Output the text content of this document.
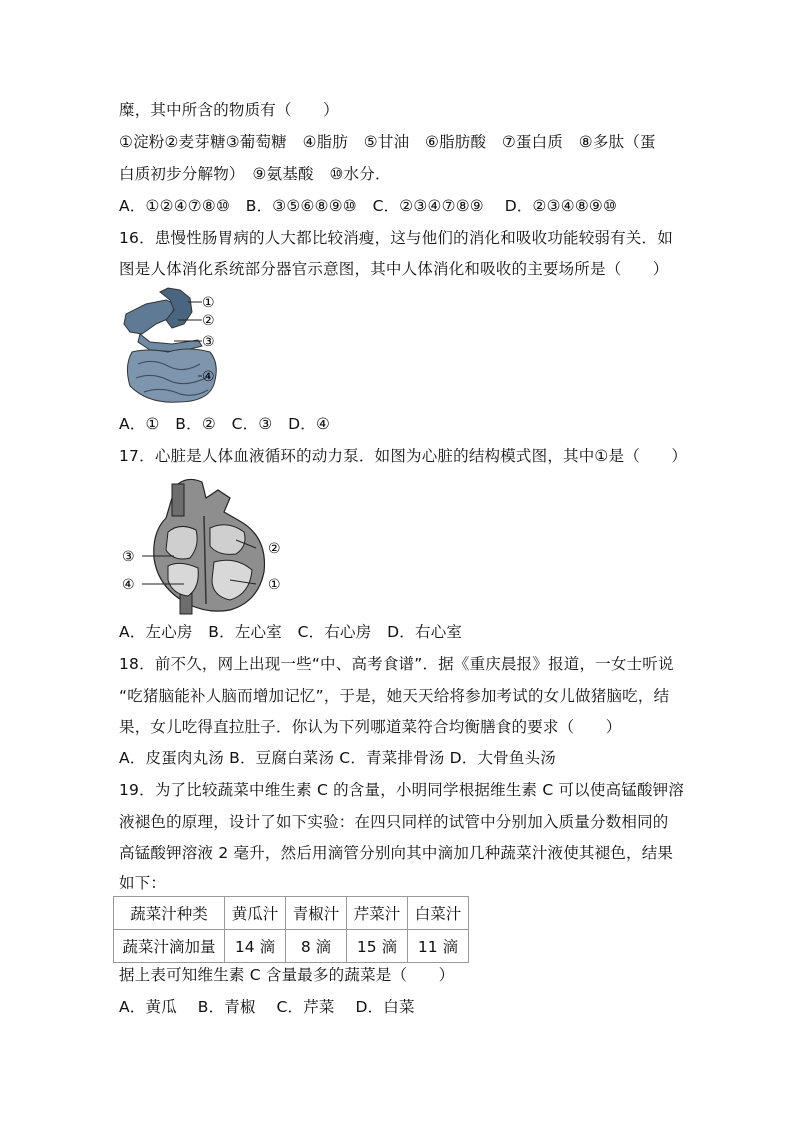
糜，其中所含的物质有（　　）
①淀粉②麦芽糖③葡萄糖　④脂肪　⑤甘油　⑥脂肪酸　⑦蛋白质　⑧多肽（蛋
白质初步分解物）　⑨氨基酸　⑩水分．
A．①②④⑦⑧⑩　B．③⑤⑥⑧⑨⑩　C．②③④⑦⑧⑨　 D．②③④⑧⑨⑩
16．患慢性肠胃病的人大都比较消瘦，这与他们的消化和吸收功能较弱有关．如
图是人体消化系统部分器官示意图，其中人体消化和吸收的主要场所是（　　）
①
②
③
④
A．①　B．②　C．③　D．④
17．心脏是人体血液循环的动力泵．如图为心脏的结构模式图，其中①是（　　）
③	②
④	①
A．左心房　B．左心室　C．右心房　D．右心室
18．前不久，网上出现一些“中、高考食谱”．据《重庆晨报》报道，一女士听说
“吃猪脑能补人脑而增加记忆”，于是，她天天给将参加考试的女儿做猪脑吃，结
果，女儿吃得直拉肚子．你认为下列哪道菜符合均衡膳食的要求（　　）
A．皮蛋肉丸汤 B．豆腐白菜汤 C．青菜排骨汤 D．大骨鱼头汤
19．为了比较蔬菜中维生素 C 的含量，小明同学根据维生素 C 可以使高锰酸钾溶
液褪色的原理，设计了如下实验：在四只同样的试管中分别加入质量分数相同的
高锰酸钾溶液 2 毫升，然后用滴管分别向其中滴加几种蔬菜汁液使其褪色，结果
如下：
蔬菜汁种类	黄瓜汁	青椒汁	芹菜汁	白菜汁
蔬菜汁滴加量	14 滴	8 滴	15 滴	11 滴
据上表可知维生素 C 含量最多的蔬菜是（　　）
A．黄瓜　 B．青椒　 C．芹菜　 D．白菜
